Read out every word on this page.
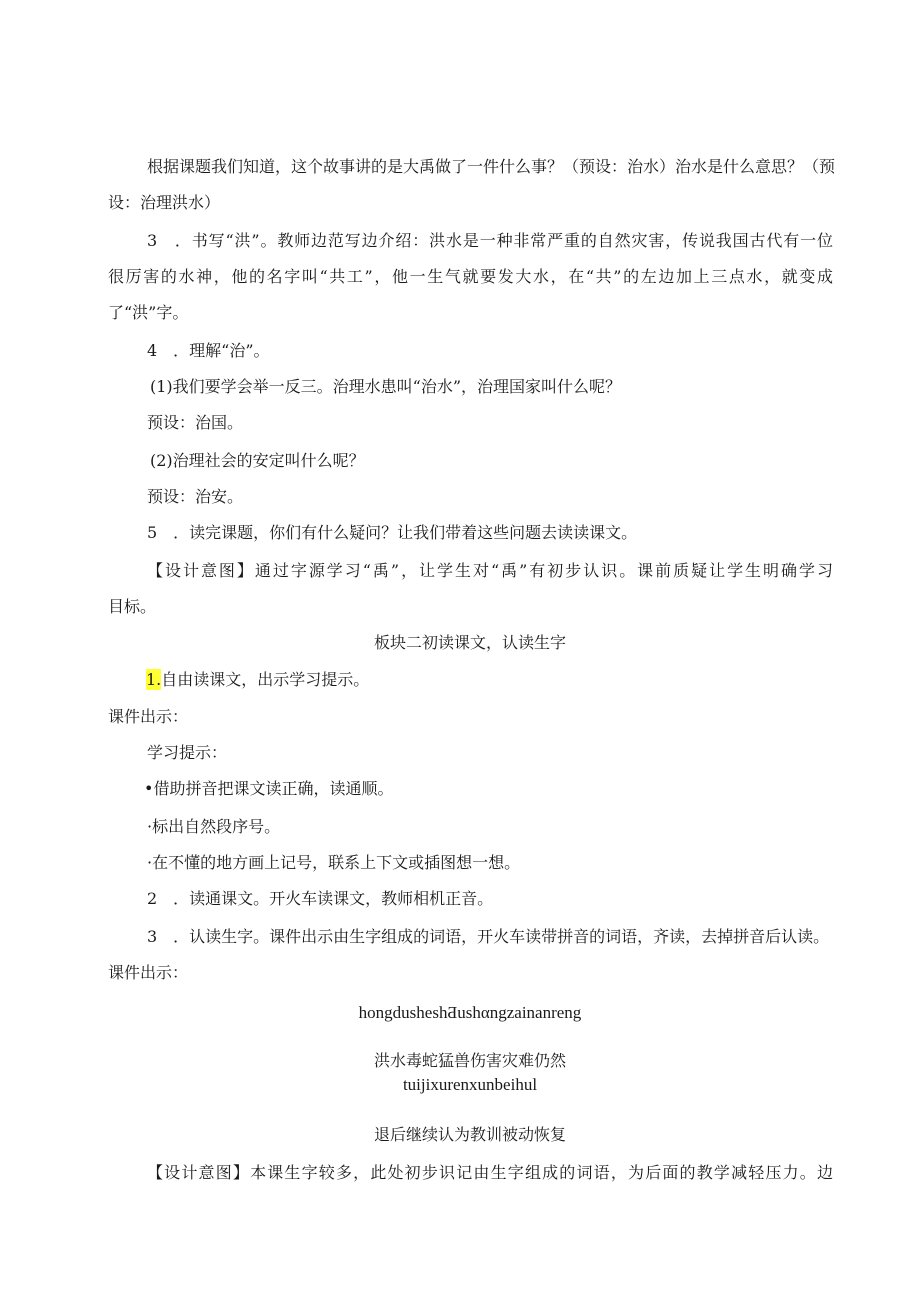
根据课题我们知道，这个故事讲的是大禹做了一件什么事？（预设：治水）治水是什么意思？（预
设：治理洪水）
3　．书写“洪”。教师边范写边介绍：洪水是一种非常严重的自然灾害，传说我国古代有一位
很厉害的水神，他的名字叫“共工”，他一生气就要发大水，在“共”的左边加上三点水，就变成
了“洪”字。
4　．理解“治”。
(1)我们要学会举一反三。治理水患叫“治水”，治理国家叫什么呢？
预设：治国。
(2)治理社会的安定叫什么呢？
预设：治安。
5　．读完课题，你们有什么疑问？让我们带着这些问题去读读课文。
【设计意图】通过字源学习“禹”，让学生对“禹”有初步认识。课前质疑让学生明确学习
目标。
板块二初读课文，认读生字
1.自由读课文，出示学习提示。
课件出示：
学习提示：
•借助拼音把课文读正确，读通顺。
·标出自然段序号。
·在不懂的地方画上记号，联系上下文或插图想一想。
2　．读通课文。开火车读课文，教师相机正音。
3　．认读生字。课件出示由生字组成的词语，开火车读带拼音的词语，齐读，去掉拼音后认读。
课件出示：
hongdusheshƋushαngzainanreng
洪水毒蛇猛兽伤害灾难仍然
tuijixurenxunbeihul
退后继续认为教训被动恢复
【设计意图】本课生字较多，此处初步识记由生字组成的词语，为后面的教学减轻压力。边
